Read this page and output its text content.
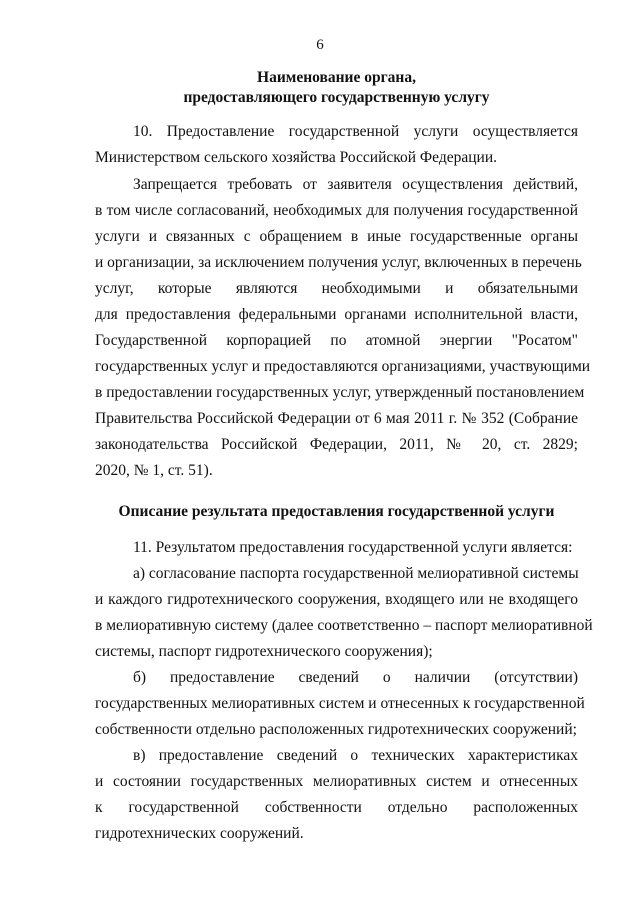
6
Наименование органа,
предоставляющего государственную услугу
10. Предоставление государственной услуги осуществляется
Министерством сельского хозяйства Российской Федерации.
Запрещается требовать от заявителя осуществления действий,
в том числе согласований, необходимых для получения государственной
услуги и связанных с обращением в иные государственные органы
и организации, за исключением получения услуг, включенных в перечень
услуг, которые являются необходимыми и обязательными
для предоставления федеральными органами исполнительной власти,
Государственной корпорацией по атомной энергии "Росатом"
государственных услуг и предоставляются организациями, участвующими
в предоставлении государственных услуг, утвержденный постановлением
Правительства Российской Федерации от 6 мая 2011 г. № 352 (Собрание
законодательства Российской Федерации, 2011, № 20, ст. 2829;
2020, № 1, ст. 51).
Описание результата предоставления государственной услуги
11. Результатом предоставления государственной услуги является:
а) согласование паспорта государственной мелиоративной системы
и каждого гидротехнического сооружения, входящего или не входящего
в мелиоративную систему (далее соответственно – паспорт мелиоративной
системы, паспорт гидротехнического сооружения);
б) предоставление сведений о наличии (отсутствии)
государственных мелиоративных систем и отнесенных к государственной
собственности отдельно расположенных гидротехнических сооружений;
в) предоставление сведений о технических характеристиках
и состоянии государственных мелиоративных систем и отнесенных
к государственной собственности отдельно расположенных
гидротехнических сооружений.
